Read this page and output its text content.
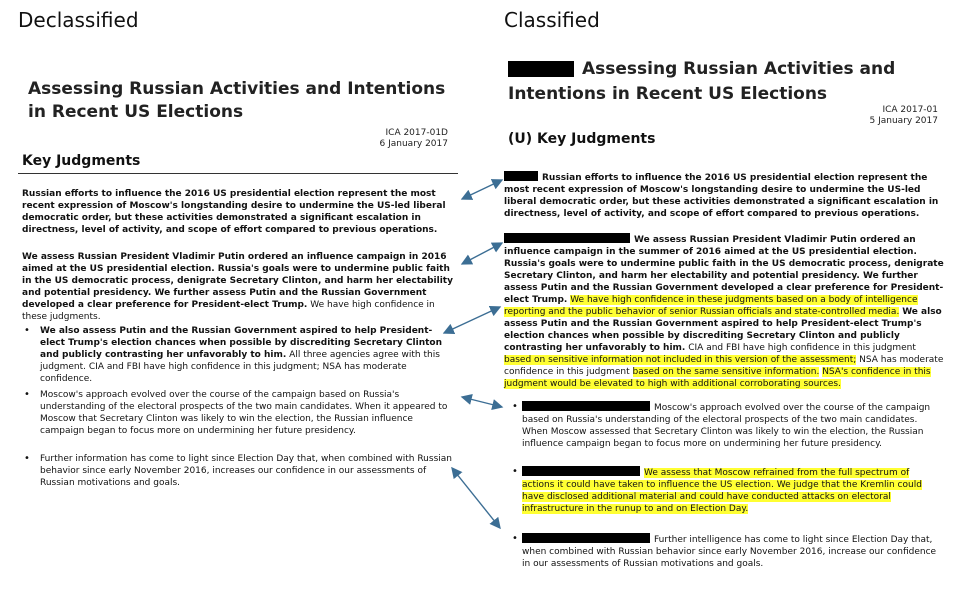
Declassified	Classified
Assessing Russian Activities and Intentions in Recent US Elections
ICA 2017-01D
6 January 2017
Key Judgments
Russian efforts to influence the 2016 US presidential election represent the most recent expression of Moscow's longstanding desire to undermine the US-led liberal democratic order, but these activities demonstrated a significant escalation in directness, level of activity, and scope of effort compared to previous operations.
We assess Russian President Vladimir Putin ordered an influence campaign in 2016 aimed at the US presidential election. Russia's goals were to undermine public faith in the US democratic process, denigrate Secretary Clinton, and harm her electability and potential presidency. We further assess Putin and the Russian Government developed a clear preference for President-elect Trump. We have high confidence in these judgments.
• We also assess Putin and the Russian Government aspired to help President-elect Trump's election chances when possible by discrediting Secretary Clinton and publicly contrasting her unfavorably to him. All three agencies agree with this judgment. CIA and FBI have high confidence in this judgment; NSA has moderate confidence.
• Moscow's approach evolved over the course of the campaign based on Russia's understanding of the electoral prospects of the two main candidates. When it appeared to Moscow that Secretary Clinton was likely to win the election, the Russian influence campaign began to focus more on undermining her future presidency.
• Further information has come to light since Election Day that, when combined with Russian behavior since early November 2016, increases our confidence in our assessments of Russian motivations and goals.
Assessing Russian Activities and Intentions in Recent US Elections
ICA 2017-01
5 January 2017
(U) Key Judgments
Russian efforts to influence the 2016 US presidential election represent the most recent expression of Moscow's longstanding desire to undermine the US-led liberal democratic order, but these activities demonstrated a significant escalation in directness, level of activity, and scope of effort compared to previous operations.
We assess Russian President Vladimir Putin ordered an influence campaign in the summer of 2016 aimed at the US presidential election. Russia's goals were to undermine public faith in the US democratic process, denigrate Secretary Clinton, and harm her electability and potential presidency. We further assess Putin and the Russian Government developed a clear preference for President-elect Trump. We have high confidence in these judgments based on a body of intelligence reporting and the public behavior of senior Russian officials and state-controlled media. We also assess Putin and the Russian Government aspired to help President-elect Trump's election chances when possible by discrediting Secretary Clinton and publicly contrasting her unfavorably to him. CIA and FBI have high confidence in this judgment based on sensitive information not included in this version of the assessment; NSA has moderate confidence in this judgment based on the same sensitive information. NSA's confidence in this judgment would be elevated to high with additional corroborating sources.
•	Moscow's approach evolved over the course of the campaign based on Russia's understanding of the electoral prospects of the two main candidates. When Moscow assessed that Secretary Clinton was likely to win the election, the Russian influence campaign began to focus more on undermining her future presidency.
•	We assess that Moscow refrained from the full spectrum of actions it could have taken to influence the US election. We judge that the Kremlin could have disclosed additional material and could have conducted attacks on electoral infrastructure in the runup to and on Election Day.
•	Further intelligence has come to light since Election Day that, when combined with Russian behavior since early November 2016, increase our confidence in our assessments of Russian motivations and goals.
